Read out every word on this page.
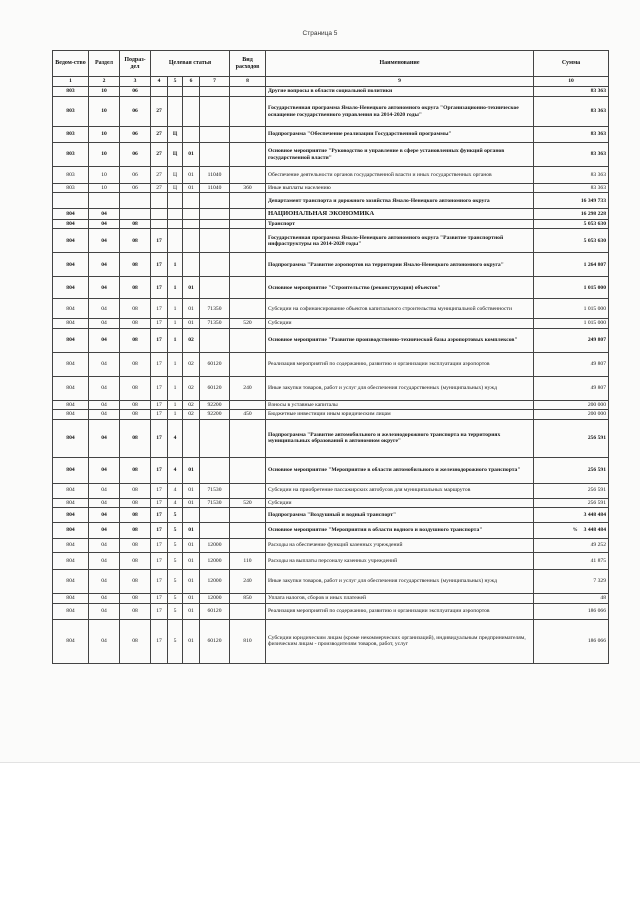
Страница 5
Ведом-ство	Раздел	Подраз-дел	Целевая статья				Вид расходов	Наименование	Сумма
1	2	3	4	5	6	7	8	9	10
803	10	06						Другие вопросы в области социальной политики	83 363
803	10	06	27					Государственная программа Ямало-Ненецкого автономного округа "Организационно-техническое оснащение государственного управления на 2014-2020 годы"	83 363
803	10	06	27	Ц				Подпрограмма "Обеспечение реализации Государственной программы"	83 363
803	10	06	27	Ц	01			Основное мероприятие "Руководство и управление в сфере установленных функций органов государственной власти"	83 363
803	10	06	27	Ц	01	11040		Обеспечение деятельности органов государственной власти и иных государственных органов	83 363
803	10	06	27	Ц	01	11040	360	Иные выплаты населению	83 363
								Департамент транспорта и дорожного хозяйства Ямало-Ненецкого автономного округа	16 349 733
804	04							НАЦИОНАЛЬНАЯ ЭКОНОМИКА	16 298 228
804	04	08						Транспорт	5 053 630
804	04	08	17					Государственная программа Ямало-Ненецкого автономного округа "Развитие транспортной инфраструктуры на 2014-2020 годы"	5 053 630
804	04	08	17	1				Подпрограмма "Развитие аэропортов на территории Ямало-Ненецкого автономного округа"	1 264 807
804	04	08	17	1	01			Основное мероприятие "Строительство (реконструкция) объектов"	1 015 000
804	04	08	17	1	01	71350		Субсидии на софинансирование объектов капитального строительства муниципальной собственности	1 015 000
804	04	08	17	1	01	71350	520	Субсидии	1 015 000
804	04	08	17	1	02			Основное мероприятие "Развитие производственно-технической базы аэропортовых комплексов"	249 807
804	04	08	17	1	02	60120		Реализация мероприятий по содержанию, развитию и организации эксплуатации аэропортов	49 807
804	04	08	17	1	02	60120	240	Иные закупки товаров, работ и услуг для обеспечения государственных (муниципальных) нужд	49 807
804	04	08	17	1	02	92200		Взносы в уставные капиталы	200 000
804	04	08	17	1	02	92200	450	Бюджетные инвестиции иным юридическим лицам	200 000
804	04	08	17	4				Подпрограмма "Развитие автомобильного и железнодорожного транспорта на территориях муниципальных образований в автономном округе"	256 591
804	04	08	17	4	01			Основное мероприятие "Мероприятие в области автомобильного и железнодорожного транспорта"	256 591
804	04	08	17	4	01	71530		Субсидии на приобретение пассажирских автобусов для муниципальных маршрутов	256 591
804	04	08	17	4	01	71530	520	Субсидии	256 591
804	04	08	17	5				Подпрограмма "Воздушный и водный транспорт"	3 448 484
804	04	08	17	5	01			Основное мероприятие "Мероприятия в области водного и воздушного транспорта"	% 3 448 484
804	04	08	17	5	01	12000		Расходы на обеспечение функций казенных учреждений	49 252
804	04	08	17	5	01	12000	110	Расходы на выплаты персоналу казенных учреждений	41 875
804	04	08	17	5	01	12000	240	Иные закупки товаров, работ и услуг для обеспечения государственных (муниципальных) нужд	7 329
804	04	08	17	5	01	12000	850	Уплата налогов, сборов и иных платежей	48
804	04	08	17	5	01	60120		Реализация мероприятий по содержанию, развитию и организации эксплуатации аэропортов	186 066
804	04	08	17	5	01	60120	810	Субсидии юридическим лицам (кроме некоммерческих организаций), индивидуальным предпринимателям, физическим лицам - производителям товаров, работ, услуг	186 066
